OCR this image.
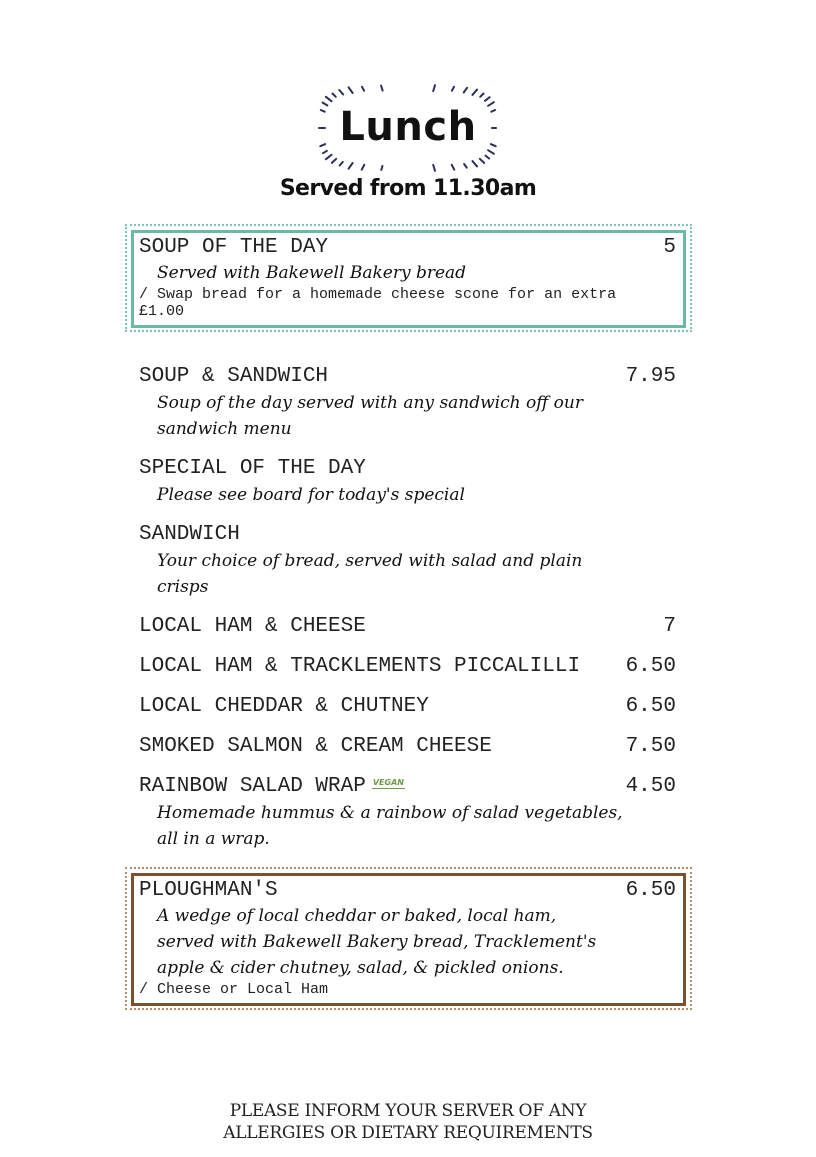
Lunch
Served from 11.30am
SOUP OF THE DAY	5
Served with Bakewell Bakery bread
/ Swap bread for a homemade cheese scone for an extra £1.00
SOUP & SANDWICH	7.95
Soup of the day served with any sandwich off our sandwich menu
SPECIAL OF THE DAY
Please see board for today's special
SANDWICH
Your choice of bread, served with salad and plain crisps
LOCAL HAM & CHEESE	7
LOCAL HAM & TRACKLEMENTS PICCALILLI 6.50
LOCAL CHEDDAR & CHUTNEY	6.50
SMOKED SALMON & CREAM CHEESE	7.50
RAINBOW SALAD WRAP VEGAN	4.50
Homemade hummus & a rainbow of salad vegetables, all in a wrap.
PLOUGHMAN'S	6.50
A wedge of local cheddar or baked, local ham, served with Bakewell Bakery bread, Tracklement's apple & cider chutney, salad, & pickled onions.
/ Cheese or Local Ham
PLEASE INFORM YOUR SERVER OF ANY
ALLERGIES OR DIETARY REQUIREMENTS
